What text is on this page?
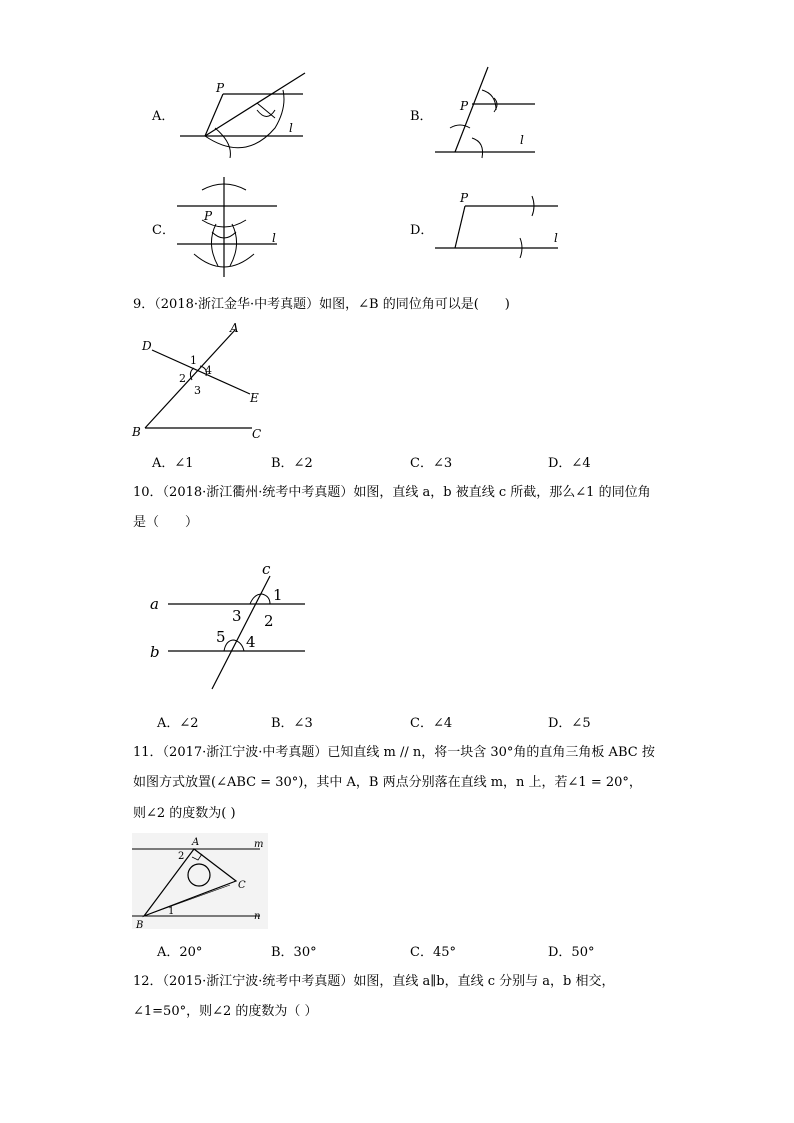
A．
P
l
B．
P
l
C．
P
l	D．
P
l
9．（2018·浙江金华·中考真题）如图，∠B 的同位角可以是(　　)
A
B	C
D
E
1
2
3
4
A．∠1	B．∠2	C．∠3	D．∠4
10．（2018·浙江衢州·统考中考真题）如图，直线 a，b 被直线 c 所截，那么∠1 的同位角
是（　　）
a
b
c
1
2
3
4
5
A．∠2	B．∠3	C．∠4	D．∠5
11．（2017·浙江宁波·中考真题）已知直线 m // n，将一块含 30°角的直角三角板 ABC 按
如图方式放置(∠ABC = 30°)，其中 A，B 两点分别落在直线 m，n 上，若∠1 = 20°，
则∠2 的度数为( )
A
B
C
m
n
1
2
A．20°	B．30°	C．45°	D．50°
12．（2015·浙江宁波·统考中考真题）如图，直线 a∥b，直线 c 分别与 a，b 相交，
∠1=50°，则∠2 的度数为（ ）
